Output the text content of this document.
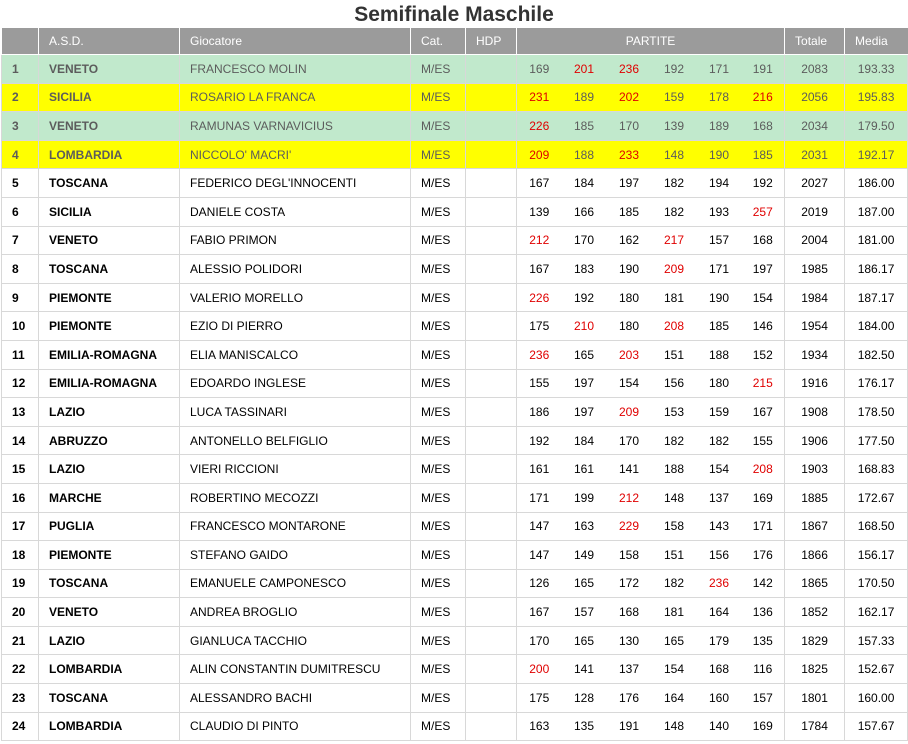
Semifinale Maschile
	A.S.D.	Giocatore	Cat.	HDP	PARTITE						Totale	Media
1	VENETO	FRANCESCO MOLIN	M/ES		169	201	236	192	171	191	2083	193.33
2	SICILIA	ROSARIO LA FRANCA	M/ES		231	189	202	159	178	216	2056	195.83
3	VENETO	RAMUNAS VARNAVICIUS	M/ES		226	185	170	139	189	168	2034	179.50
4	LOMBARDIA	NICCOLO' MACRI'	M/ES		209	188	233	148	190	185	2031	192.17
5	TOSCANA	FEDERICO DEGL'INNOCENTI	M/ES		167	184	197	182	194	192	2027	186.00
6	SICILIA	DANIELE COSTA	M/ES		139	166	185	182	193	257	2019	187.00
7	VENETO	FABIO PRIMON	M/ES		212	170	162	217	157	168	2004	181.00
8	TOSCANA	ALESSIO POLIDORI	M/ES		167	183	190	209	171	197	1985	186.17
9	PIEMONTE	VALERIO MORELLO	M/ES		226	192	180	181	190	154	1984	187.17
10	PIEMONTE	EZIO DI PIERRO	M/ES		175	210	180	208	185	146	1954	184.00
11	EMILIA-ROMAGNA	ELIA MANISCALCO	M/ES		236	165	203	151	188	152	1934	182.50
12	EMILIA-ROMAGNA	EDOARDO INGLESE	M/ES		155	197	154	156	180	215	1916	176.17
13	LAZIO	LUCA TASSINARI	M/ES		186	197	209	153	159	167	1908	178.50
14	ABRUZZO	ANTONELLO BELFIGLIO	M/ES		192	184	170	182	182	155	1906	177.50
15	LAZIO	VIERI RICCIONI	M/ES		161	161	141	188	154	208	1903	168.83
16	MARCHE	ROBERTINO MECOZZI	M/ES		171	199	212	148	137	169	1885	172.67
17	PUGLIA	FRANCESCO MONTARONE	M/ES		147	163	229	158	143	171	1867	168.50
18	PIEMONTE	STEFANO GAIDO	M/ES		147	149	158	151	156	176	1866	156.17
19	TOSCANA	EMANUELE CAMPONESCO	M/ES		126	165	172	182	236	142	1865	170.50
20	VENETO	ANDREA BROGLIO	M/ES		167	157	168	181	164	136	1852	162.17
21	LAZIO	GIANLUCA TACCHIO	M/ES		170	165	130	165	179	135	1829	157.33
22	LOMBARDIA	ALIN CONSTANTIN DUMITRESCU	M/ES		200	141	137	154	168	116	1825	152.67
23	TOSCANA	ALESSANDRO BACHI	M/ES		175	128	176	164	160	157	1801	160.00
24	LOMBARDIA	CLAUDIO DI PINTO	M/ES		163	135	191	148	140	169	1784	157.67
